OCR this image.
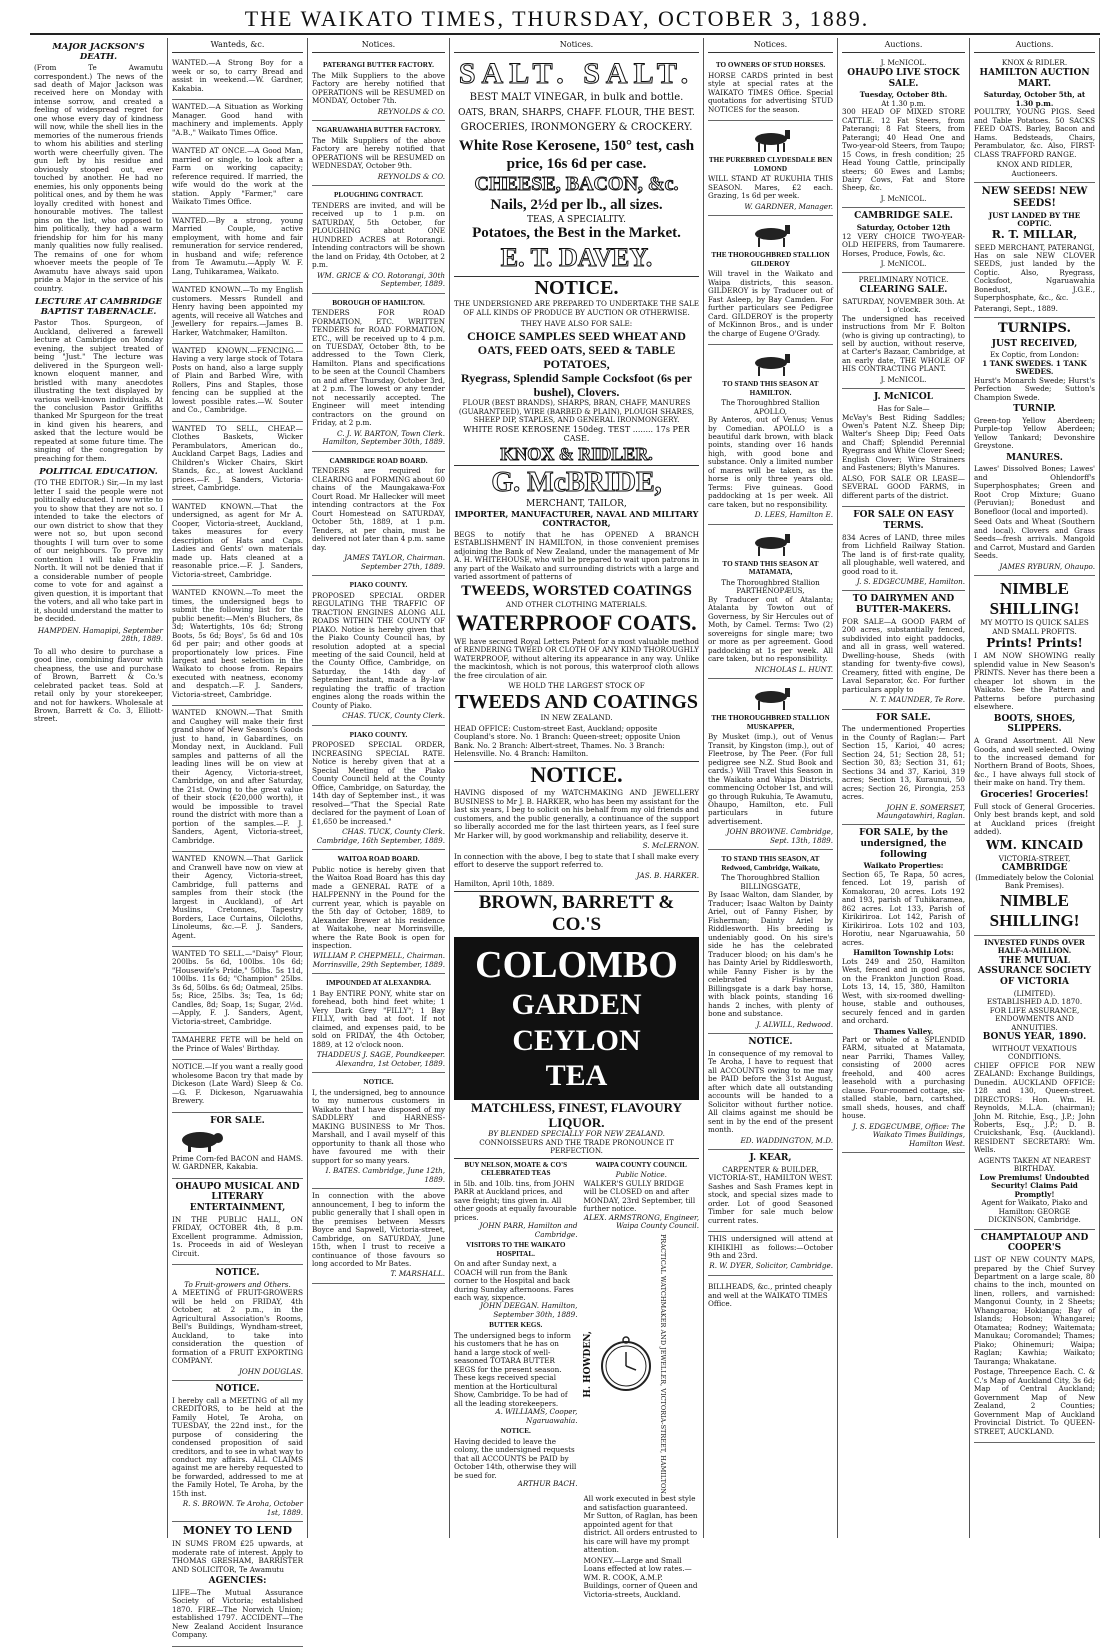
THE WAIKATO TIMES, THURSDAY, OCTOBER 3, 1889.
MAJOR JACKSON'S DEATH.

(From Te Awamutu correspondent.) The news of the sad death of Major Jackson was received here on Monday with intense sorrow, and created a feeling of widespread regret for one whose every day of kindness will now, while the shell lies in the memories of the numerous friends to whom his abilities and sterling worth were cheerfully given. The gun left by his residue and obviously stooped out, ever touched by another. He had no enemies, his only opponents being political ones, and by them he was loyally credited with honest and honourable motives. The tallest pins on the list, who opposed to him politically, they had a warm friendship for him for his many manly qualities now fully realised. The remains of one for whom whoever meets the people of Te Awamutu have always said upon pride a Major in the service of his country.

LECTURE AT CAMBRIDGE BAPTIST TABERNACLE.

Pastor Thos. Spurgeon, of Auckland, delivered a farewell lecture at Cambridge on Monday evening, the subject treated of being "Just." The lecture was delivered in the Spurgeon well-known eloquent manner, and bristled with many anecdotes illustrating the text displayed by various well-known individuals. At the conclusion Pastor Griffiths thanked Mr Spurgeon for the treat in kind given his hearers, and asked that the lecture would be repeated at some future time. The singing of the congregation by preaching for them.

POLITICAL EDUCATION.

(TO THE EDITOR.) Sir,—In my last letter I said the people were not politically educated. I now write to you to show that they are not so. I intended to take the electors of our own district to show that they were not so, but upon second thoughts I will turn over to some of our neighbours. To prove my contention I will take Franklin North. It will not be denied that if a considerable number of people come to vote for and against a given question, it is important that the voters, and all who take part in it, should understand the matter to be decided.

HAMPDEN. Hamapipi, September 28th, 1889.

To all who desire to purchase a good line, combining flavour with cheapness, the use and purchase of Brown, Barrett & Co.'s celebrated packet teas. Sold at retail only by your storekeeper, and not for hawkers. Wholesale at Brown, Barrett & Co. 3, Elliott-street.

Wanteds, &c.

WANTED.—A Strong Boy for a week or so, to carry Bread and assist in weekend.—W. Gardner, Kakabia.

WANTED.—A Situation as Working Manager. Good hand with machinery and implements. Apply "A.B.," Waikato Times Office.

WANTED AT ONCE.—A Good Man, married or single, to look after a Farm on working capacity; reference required. If married, the wife would do the work at the station. Apply "Farmer," care Waikato Times Office.

WANTED.—By a strong, young Married Couple, active employment, with home and fair remuneration for service rendered, in husband and wife; reference from Te Awamutu.—Apply W. F. Lang, Tuhikaramea, Waikato.

WANTED KNOWN.—To my English customers. Messrs Rundell and Henry having been appointed my agents, will receive all Watches and Jewellery for repairs.—James B. Harker, Watchmaker, Hamilton.

WANTED KNOWN.—FENCING.—Having a very large stock of Totara Posts on hand, also a large supply of Plain and Barbed Wire, with Rollers, Pins and Staples, those fencing can be supplied at the lowest possible rates.—W. Souter and Co., Cambridge.

WANTED TO SELL, CHEAP.—Clothes Baskets, Wicker Perambulators, American do., Auckland Carpet Bags, Ladies and Children's Wicker Chairs, Skirt Stands, &c., at lowest Auckland prices.—F. J. Sanders, Victoria-street, Cambridge.

WANTED KNOWN.—That the undersigned, as agent for Mr A. Cooper, Victoria-street, Auckland, takes measures for every description of Hats and Caps. Ladies and Gents' own materials made up. Hats cleaned at a reasonable price.—F. J. Sanders, Victoria-street, Cambridge.

WANTED KNOWN.—To meet the times, the undersigned begs to submit the following list for the public benefit:—Men's Bluchers, 8s 3d; Watertights, 10s 6d; Strong Boots, 5s 6d; Boys', 5s 6d and 10s 6d per pair; and other goods at proportionately low prices. Fine largest and best selection in the Waikato to choose from. Repairs executed with neatness, economy and despatch.—F. J. Sanders, Victoria-street, Cambridge.

WANTED KNOWN.—That Smith and Caughey will make their first grand show of New Season's Goods just to hand, in Gabardines, on Monday next, in Auckland. Full samples and patterns of all the leading lines will be on view at their Agency, Victoria-street, Cambridge, on and after Saturday, the 21st. Owing to the great value of their stock (£20,000 worth), it would be impossible to travel round the district with more than a portion of the samples.—F. J. Sanders, Agent, Victoria-street, Cambridge.

WANTED KNOWN.—That Garlick and Cranwell have now on view at their Agency, Victoria-street, Cambridge, full patterns and samples from their stock (the largest in Auckland), of Art Muslins, Cretonnes, Tapestry Borders, Lace Curtains, Oilcloths, Linoleums, &c.—F. J. Sanders, Agent.

WANTED TO SELL.—"Daisy" Flour, 200lbs. 5s 6d, 100lbs. 10s 6d; "Housewife's Pride," 50lbs. 5s 11d, 100lbs. 11s 6d; "Champion" 25lbs. 3s 6d, 50lbs. 6s 6d; Oatmeal, 25lbs. 5s; Rice, 25lbs. 3s; Tea, 1s 6d; Candles, 8d; Soap, 1s; Sugar, 2½d.—Apply, F. J. Sanders, Agent, Victoria-street, Cambridge.

TAMAHERE FETE will be held on the Prince of Wales' Birthday.

NOTICE.—If you want a really good wholesome Bacon try that made by Dickeson (Late Ward) Sleep & Co.—G. F. Dickeson, Ngaruawahia Brewery.

FOR SALE.

Prime Corn-fed BACON and HAMS. W. GARDNER, Kakabia.

OHAUPO MUSICAL AND LITERARY ENTERTAINMENT,

IN THE PUBLIC HALL, ON FRIDAY, OCTOBER 4th, 8 p.m. Excellent programme. Admission, 1s. Proceeds in aid of Wesleyan Circuit.

NOTICE.
To Fruit-growers and Others.

A MEETING of FRUIT-GROWERS will be held on FRIDAY, 4th October, at 2 p.m., in the Agricultural Association's Rooms, Bell's Buildings, Wyndham-street, Auckland, to take into consideration the question of formation of a FRUIT EXPORTING COMPANY.

JOHN DOUGLAS.
NOTICE.

I hereby call a MEETING of all my CREDITORS, to be held at the Family Hotel, Te Aroha, on TUESDAY, the 22nd inst., for the purpose of considering the condensed proposition of said creditors, and to see in what way to conduct my affairs. ALL CLAIMS against me are hereby requested to be forwarded, addressed to me at the Family Hotel, Te Aroha, by the 15th inst.

R. S. BROWN. Te Aroha, October 1st, 1889.
MONEY TO LEND

IN SUMS FROM £25 upwards, at moderate rate of interest. Apply to THOMAS GRESHAM, BARRISTER AND SOLICITOR, Te Awamutu

AGENCIES:

LIFE—The Mutual Assurance Society of Victoria; established 1870. FIRE—The Norwich Union; established 1797. ACCIDENT—The New Zealand Accident Insurance Company.

Notices.
PATERANGI BUTTER FACTORY.

The Milk Suppliers to the above Factory are hereby notified that OPERATIONS will be RESUMED on MONDAY, October 7th.

REYNOLDS & CO.
NGARUAWAHIA BUTTER FACTORY.

The Milk Suppliers of the above Factory are hereby notified that OPERATIONS will be RESUMED on WEDNESDAY, October 9th.

REYNOLDS & CO.
PLOUGHING CONTRACT.

TENDERS are invited, and will be received up to 1 p.m. on SATURDAY, 5th October, for PLOUGHING about ONE HUNDRED ACRES at Rotorangi. Intending contractors will be shown the land on Friday, 4th October, at 2 p.m.

WM. GRICE & CO. Rotorangi, 30th September, 1889.
BOROUGH OF HAMILTON.

TENDERS FOR ROAD FORMATION, ETC. WRITTEN TENDERS for ROAD FORMATION, ETC., will be received up to 4 p.m. on TUESDAY, October 8th, to be addressed to the Town Clerk, Hamilton. Plans and specifications to be seen at the Council Chambers on and after Thursday, October 3rd, at 2 p.m. The lowest or any tender not necessarily accepted. The Engineer will meet intending contractors on the ground on Friday, at 2 p.m.

C. J. W. BARTON, Town Clerk. Hamilton, September 30th, 1889.
CAMBRIDGE ROAD BOARD.

TENDERS are required for CLEARING and FORMING about 60 chains of the Maungakawa-Fox Court Road. Mr Hallecker will meet intending contractors at the Fox Court Homestead on SATURDAY, October 5th, 1889, at 1 p.m. Tenders, at per chain, must be delivered not later than 4 p.m. same day.

JAMES TAYLOR, Chairman. September 27th, 1889.
PIAKO COUNTY.

PROPOSED SPECIAL ORDER REGULATING THE TRAFFIC OF TRACTION ENGINES ALONG ALL ROADS WITHIN THE COUNTY OF PIAKO. Notice is hereby given that the Piako County Council has, by resolution adopted at a special meeting of the said Council, held at the County Office, Cambridge, on Saturday, the 14th day of September instant, made a By-law regulating the traffic of traction engines along the roads within the County of Piako.

CHAS. TUCK, County Clerk.
PIAKO COUNTY.

PROPOSED SPECIAL ORDER, INCREASING SPECIAL RATE. Notice is hereby given that at a Special Meeting of the Piako County Council held at the County Office, Cambridge, on Saturday, the 14th day of September inst., it was resolved—"That the Special Rate declared for the payment of Loan of £1,650 be increased."

CHAS. TUCK, County Clerk. Cambridge, 16th September, 1889.
WAITOA ROAD BOARD.

Public notice is hereby given that the Waitoa Road Board has this day made a GENERAL RATE of a HALFPENNY in the Pound for the current year, which is payable on the 5th day of October, 1889, to Alexander Brewer at his residence at Waitakohe, near Morrinsville, where the Rate Book is open for inspection.

WILLIAM P. CHEPMELL, Chairman. Morrinsville, 29th September, 1889.
IMPOUNDED AT ALEXANDRA.

1 Bay ENTIRE PONY, white star on forehead, both hind feet white; 1 Very Dark Grey "FILLY"; 1 Bay FILLY, with bad at foot. If not claimed, and expenses paid, to be sold on FRIDAY, the 4th October, 1889, at 12 o'clock noon.

THADDEUS J. SAGE, Poundkeeper. Alexandra, 1st October, 1889.
NOTICE.

I, the undersigned, beg to announce to my numerous customers in Waikato that I have disposed of my SADDLERY and HARNESS-MAKING BUSINESS to Mr Thos. Marshall, and I avail myself of this opportunity to thank all those who have favoured me with their support for so many years.

I. BATES. Cambridge, June 12th, 1889.

In connection with the above announcement, I beg to inform the public generally that I shall open in the premises between Messrs Boyce and Sapwell, Victoria-street, Cambridge, on SATURDAY, June 15th, when I trust to receive a continuance of those favours so long accorded to Mr Bates.

T. MARSHALL.
Notices.
SALT. SALT.
BEST MALT VINEGAR, in bulk and bottle.
OATS, BRAN, SHARPS, CHAFF. FLOUR, THE BEST.
GROCERIES, IRONMONGERY & CROCKERY.
White Rose Kerosene, 150° test, cash price, 16s 6d per case.
CHEESE, BACON, &c.
Nails, 2½d per lb., all sizes.
TEAS, A SPECIALITY.
Potatoes, the Best in the Market.
E. T. DAVEY.
NOTICE.
THE UNDERSIGNED ARE PREPARED TO UNDERTAKE THE SALE OF ALL KINDS OF PRODUCE BY AUCTION OR OTHERWISE.
THEY HAVE ALSO FOR SALE:
CHOICE SAMPLES SEED WHEAT AND OATS, FEED OATS, SEED & TABLE POTATOES,
Ryegrass, Splendid Sample Cocksfoot (6s per bushel), Clovers.
FLOUR (BEST BRANDS), SHARPS, BRAN, CHAFF, MANURES (GUARANTEED), WIRE (BARBED & PLAIN), PLOUGH SHARES, SHEEP DIP, STAPLES, AND GENERAL IRONMONGERY.
WHITE ROSE KEROSENE 150deg. TEST ........ 17s PER CASE.
KNOX & RIDLER.
G. McBRIDE,
MERCHANT, TAILOR,
IMPORTER, MANUFACTURER, NAVAL AND MILITARY CONTRACTOR,

BEGS to notify that he has OPENED A BRANCH ESTABLISHMENT IN HAMILTON, in those convenient premises adjoining the Bank of New Zealand, under the management of Mr A. H. WHITEHOUSE, who will be prepared to wait upon patrons in any part of the Waikato and surrounding districts with a large and varied assortment of patterns of

TWEEDS, WORSTED COATINGS
AND OTHER CLOTHING MATERIALS.
WATERPROOF COATS.

WE have secured Royal Letters Patent for a most valuable method of RENDERING TWEED OR CLOTH OF ANY KIND THOROUGHLY WATERPROOF, without altering its appearance in any way. Unlike the mackintosh, which is not porous, this waterproof cloth allows the free circulation of air.

WE HOLD THE LARGEST STOCK OF
TWEEDS AND COATINGS
IN NEW ZEALAND.

HEAD OFFICE: Custom-street East, Auckland; opposite Coupland's store. No. 1 Branch: Queen-street; opposite Union Bank. No. 2 Branch: Albert-street, Thames. No. 3 Branch: Helensville. No. 4 Branch: Hamilton.

NOTICE.

HAVING disposed of my WATCHMAKING AND JEWELLERY BUSINESS to Mr J. B. HARKER, who has been my assistant for the last six years, I beg to solicit on his behalf from my old friends and customers, and the public generally, a continuance of the support so liberally accorded me for the last thirteen years, as I feel sure Mr Harker will, by good workmanship and reliability, deserve it.

S. McLERNON.

In connection with the above, I beg to state that I shall make every effort to deserve the support referred to.

JAS. B. HARKER.
Hamilton, April 10th, 1889.
BROWN, BARRETT & CO.'S
COLOMBO
GARDEN
CEYLON
TEA
MATCHLESS, FINEST, FLAVOURY LIQUOR.
BY BLENDED SPECIALLY FOR NEW ZEALAND.
CONNOISSEURS AND THE TRADE PRONOUNCE IT PERFECTION.
BUY NELSON, MOATE & CO'S CELEBRATED TEAS

in 5lb. and 10lb. tins, from JOHN PARR at Auckland prices, and save freight; tins given in. All other goods at equally favourable prices.

JOHN PARR, Hamilton and Cambridge.
VISITORS TO THE WAIKATO HOSPITAL.

On and after Sunday next, a COACH will run from the Bank corner to the Hospital and back during Sunday afternoons. Fares each way, sixpence.

JOHN DEEGAN. Hamilton, September 30th, 1889.
BUTTER KEGS.

The undersigned begs to inform his customers that he has on hand a large stock of well-seasoned TOTARA BUTTER KEGS for the present season. These kegs received special mention at the Horticultural Show, Cambridge. To be had of all the leading storekeepers.

A. WILLIAMS, Cooper, Ngaruawahia.
NOTICE.

Having decided to leave the colony, the undersigned requests that all ACCOUNTS be PAID by October 14th, otherwise they will be sued for.

ARTHUR BACH.
WAIPA COUNTY COUNCIL
Public Notice.

WALKER'S GULLY BRIDGE will be CLOSED on and after MONDAY, 23rd September, till further notice.

ALEX. ARMSTRONG, Engineer, Waipa County Council.
H. HOWDEN,	PRACTICAL WATCHMAKER AND JEWELLER, VICTORIA-STREET, HAMILTON.

All work executed in best style and satisfaction guaranteed. Mr Sutton, of Raglan, has been appointed agent for that district. All orders entrusted to his care will have my prompt attention.

MONEY.—Large and Small Loans effected at low rates.—WM. R. COOK, A.M.P. Buildings, corner of Queen and Victoria-streets, Auckland.

Notices.
TO OWNERS OF STUD HORSES.

HORSE CARDS printed in best style at special rates at the WAIKATO TIMES Office. Special quotations for advertising STUD NOTICES for the season.

THE PUREBRED CLYDESDALE BEN LOMOND

WILL STAND AT RUKUHIA THIS SEASON. Mares, £2 each. Grazing, 1s 6d per week.

W. GARDNER, Manager.
THE THOROUGHBRED STALLION GILDEROY

Will travel in the Waikato and Waipa districts, this season. GILDEROY is by Traducer out of Fast Asleep, by Bay Camden. For further particulars see Pedigree Card. GILDEROY is the property of McKinnon Bros., and is under the charge of Eugene O'Grady.

TO STAND THIS SEASON AT HAMILTON.
The Thoroughbred Stallion APOLLO,

By Anteros, out of Venus; Venus by Comedian. APOLLO is a beautiful dark brown, with black points, standing over 16 hands high, with good bone and substance. Only a limited number of mares will be taken, as the horse is only three years old. Terms: Five guineas. Good paddocking at 1s per week. All care taken, but no responsibility.

D. LEES, Hamilton E.
TO STAND THIS SEASON AT MATAMATA,
The Thoroughbred Stallion PARTHENOPÆUS,

By Traducer out of Atalanta; Atalanta by Towton out of Governess, by Sir Hercules out of Moth, by Camel. Terms: Two (2) sovereigns for single mare; two or more as per agreement. Good paddocking at 1s per week. All care taken, but no responsibility.

NICHOLAS L. HUNT.
THE THOROUGHBRED STALLION MUSKAPPER,

By Musket (imp.), out of Venus Transit, by Kingston (imp.), out of Fleetrose, by The Peer. (For full pedigree see N.Z. Stud Book and cards.) Will Travel this Season in the Waikato and Waipa Districts, commencing October 1st, and will go through Rukuhia, Te Awamutu, Ohaupo, Hamilton, etc. Full particulars in future advertisement.

JOHN BROWNE. Cambridge, Sept. 13th, 1889.
TO STAND THIS SEASON, AT Redwood, Cambridge, Waikato,
The Thoroughbred Stallion BILLINGSGATE,

By Isaac Walton, dam Slander, by Traducer; Isaac Walton by Dainty Ariel, out of Fanny Fisher, by Fisherman; Dainty Ariel by Riddlesworth. His breeding is undeniably good. On his sire's side he has the celebrated Traducer blood; on his dam's he has Dainty Ariel by Riddlesworth, while Fanny Fisher is by the celebrated Fisherman. Billingsgate is a dark bay horse, with black points, standing 16 hands 2 inches, with plenty of bone and substance.

J. ALWILL, Redwood.
NOTICE.

In consequence of my removal to Te Aroha, I have to request that all ACCOUNTS owing to me may be PAID before the 31st August, after which date all outstanding accounts will be handed to a Solicitor without further notice. All claims against me should be sent in by the end of the present month.

ED. WADDINGTON, M.D.
J. KEAR,
CARPENTER & BUILDER, VICTORIA-ST., HAMILTON WEST.

Sashes and Sash Frames kept in stock, and special sizes made to order. Lot of good Seasoned Timber for sale much below current rates.

THIS undersigned will attend at KIHIKIHI as follows:—October 9th and 23rd.

R. W. DYER, Solicitor, Cambridge.

BILLHEADS, &c., printed cheaply and well at the WAIKATO TIMES Office.

Auctions.
J. McNICOL.
OHAUPO LIVE STOCK SALE.
Tuesday, October 8th.
At 1.30 p.m.

300 HEAD OF MIXED STORE CATTLE. 12 Fat Steers, from Paterangi; 8 Fat Steers, from Paterangi; 40 Head One and Two-year-old Steers, from Taupo; 15 Cows, in fresh condition; 25 Head Young Cattle, principally steers; 60 Ewes and Lambs; Dairy Cows, Fat and Store Sheep, &c.

J. McNICOL.
CAMBRIDGE SALE.
Saturday, October 12th

12 VERY CHOICE TWO-YEAR-OLD HEIFERS, from Taumarere. Horses, Produce, Fowls, &c.

J. McNICOL.
PRELIMINARY NOTICE.
CLEARING SALE.
SATURDAY, NOVEMBER 30th. At 1 o'clock.

The undersigned has received instructions from Mr F. Bolton (who is giving up contracting), to sell by auction, without reserve, at Carter's Bazaar, Cambridge, at an early date, THE WHOLE OF HIS CONTRACTING PLANT.

J. McNICOL.
J. McNICOL
Has for Sale—

McVay's Best Riding Saddles; Owen's Patent N.Z. Sheep Dip; Walter's Sheep Dip; Feed Oats and Chaff; Splendid Perennial Ryegrass and White Clover Seed; English Clover; Wire Strainers and Fasteners; Blyth's Manures.

ALSO, FOR SALE OR LEASE— SEVERAL GOOD FARMS, in different parts of the district.

FOR SALE ON EASY TERMS.

834 Acres of LAND, three miles from Lichfield Railway Station. The land is of first-rate quality, all ploughable, well watered, and good road to it.

J. S. EDGECUMBE, Hamilton.
TO DAIRYMEN AND BUTTER-MAKERS.

FOR SALE—A GOOD FARM of 200 acres, substantially fenced, subdivided into eight paddocks, and all in grass, well watered. Dwelling-house, Sheds (with standing for twenty-five cows), Creamery, fitted with engine, De Laval Separator, &c. For further particulars apply to

N. T. MAUNDER, Te Rore.
FOR SALE.

The undermentioned Properties in the County of Raglan:— Part Section 15, Karioi, 40 acres; Section 24, 51; Section 28, 51; Section 30, 83; Section 31, 61; Sections 34 and 37, Karioi, 319 acres; Section 13, Kuraunui, 50 acres; Section 26, Pirongia, 253 acres.

JOHN E. SOMERSET, Maungatawhiri, Raglan.
FOR SALE, by the undersigned, the following
Waikato Properties:

Section 65, Te Rapa, 50 acres, fenced. Lot 19, parish of Komakorau, 20 acres. Lots 192 and 193, parish of Tuhikaramea, 862 acres. Lot 133, Parish of Kirikiriroa. Lot 142, Parish of Kirikiriroa. Lots 102 and 103, Horotiu, near Ngaruawahia, 50 acres.

Hamilton Township Lots:

Lots 249 and 250, Hamilton West, fenced and in good grass, on the Frankton Junction Road. Lots 13, 14, 15, 380, Hamilton West, with six-roomed dwelling-house, stable and outhouses, securely fenced and in garden and orchard.

Thames Valley.

Part or whole of a SPLENDID FARM, situated at Matamata, near Parriki, Thames Valley, consisting of 2000 acres freehold, and 400 acres leasehold with a purchasing clause. Four-roomed cottage, six-stalled stable, barn, cartshed, small sheds, houses, and chaff house.

J. S. EDGECUMBE, Office: The Waikato Times Buildings, Hamilton West.
Auctions.
KNOX & RIDLER.
HAMILTON AUCTION MART.
Saturday, October 5th, at 1.30 p.m.

POULTRY, YOUNG PIGS. Seed and Table Potatoes. 50 SACKS FEED OATS. Barley, Bacon and Hams. Bedsteads, Chairs, Perambulator, &c. Also, FIRST-CLASS TRAFFORD RANGE.

KNOX AND RIDLER, Auctioneers.
NEW SEEDS! NEW SEEDS!
JUST LANDED BY THE COPTIC.
R. T. MILLAR,
SEED MERCHANT, PATERANGI,

Has on sale NEW CLOVER SEEDS, just landed by the Coptic. Also, Ryegrass, Cocksfoot, Ngaruawahia Bonedust, J.G.E., Superphosphate, &c., &c.

Paterangi, Sept., 1889.
TURNIPS.
JUST RECEIVED,
Ex Coptic, from London:
1 TANK SWEDES. 1 TANK SWEDES.

Hurst's Monarch Swede; Hurst's Perfection Swede; Sutton's Champion Swede.

TURNIP.

Green-top Yellow Aberdeen; Purple-top Yellow Aberdeen; Yellow Tankard; Devonshire Greystone.

MANURES.

Lawes' Dissolved Bones; Lawes' and Ohlendorff's Superphosphates; Green and Root Crop Mixture; Guano (Peruvian); Bonedust and Bonefloor (local and imported).

Seed Oats and Wheat (Southern and local). Clovers and Grass Seeds—fresh arrivals. Mangold and Carrot, Mustard and Garden Seeds.

JAMES RYBURN, Ohaupo.
NIMBLE SHILLING!
MY MOTTO IS QUICK SALES AND SMALL PROFITS.
Prints! Prints!

I AM NOW SHOWING really splendid value in New Season's PRINTS. Never has there been a cheaper lot shown in the Waikato. See the Pattern and Patterns before purchasing elsewhere.

BOOTS, SHOES, SLIPPERS.

A Grand Assortment. All New Goods, and well selected. Owing to the increased demand for Northern Brand of Boots, Shoes, &c., I have always full stock of their make on hand. Try them.

Groceries! Groceries!

Full stock of General Groceries. Only best brands kept, and sold at Auckland prices (freight added).

WM. KINCAID
VICTORIA-STREET,
CAMBRIDGE
(Immediately below the Colonial Bank Premises).
NIMBLE SHILLING!
INVESTED FUNDS OVER HALF-A-MILLION.
THE MUTUAL ASSURANCE SOCIETY OF VICTORIA
(LIMITED).
ESTABLISHED A.D. 1870.
FOR LIFE ASSURANCE, ENDOWMENTS AND ANNUITIES.
BONUS YEAR, 1890.
WITHOUT VEXATIOUS CONDITIONS.

CHIEF OFFICE FOR NEW ZEALAND: Exchange Buildings, Dunedin. AUCKLAND OFFICE: 128 and 130, Queen-street. DIRECTORS: Hon. Wm. H. Reynolds, M.L.A. (chairman); John M. Ritchie, Esq., J.P.; John Roberts, Esq., J.P.; D. B. Cruickshank, Esq. (Auckland). RESIDENT SECRETARY: Wm. Wells.

AGENTS TAKEN AT NEAREST BIRTHDAY.
Low Premiums! Undoubted Security! Claims Paid Promptly!
Agent for Waikato, Piako and Hamilton: GEORGE DICKINSON, Cambridge.
CHAMPTALOUP AND COOPER'S

LIST OF NEW COUNTY MAPS, prepared by the Chief Survey Department on a large scale, 80 chains to the inch, mounted on linen, rollers, and varnished: Mangonui County, in 2 Sheets; Whangaroa; Hokianga; Bay of Islands; Hobson; Whangarei; Otamatea; Rodney; Waitemata; Manukau; Coromandel; Thames; Piako; Ohinemuri; Waipa; Raglan; Kawhia; Waikato; Tauranga; Whakatane.

Postage, Threepence Each. C. & C.'s Map of Auckland City, 3s 6d; Map of Central Auckland; Government Map of New Zealand, 2 Counties; Government Map of Auckland Provincial District. To QUEEN-STREET, AUCKLAND.
